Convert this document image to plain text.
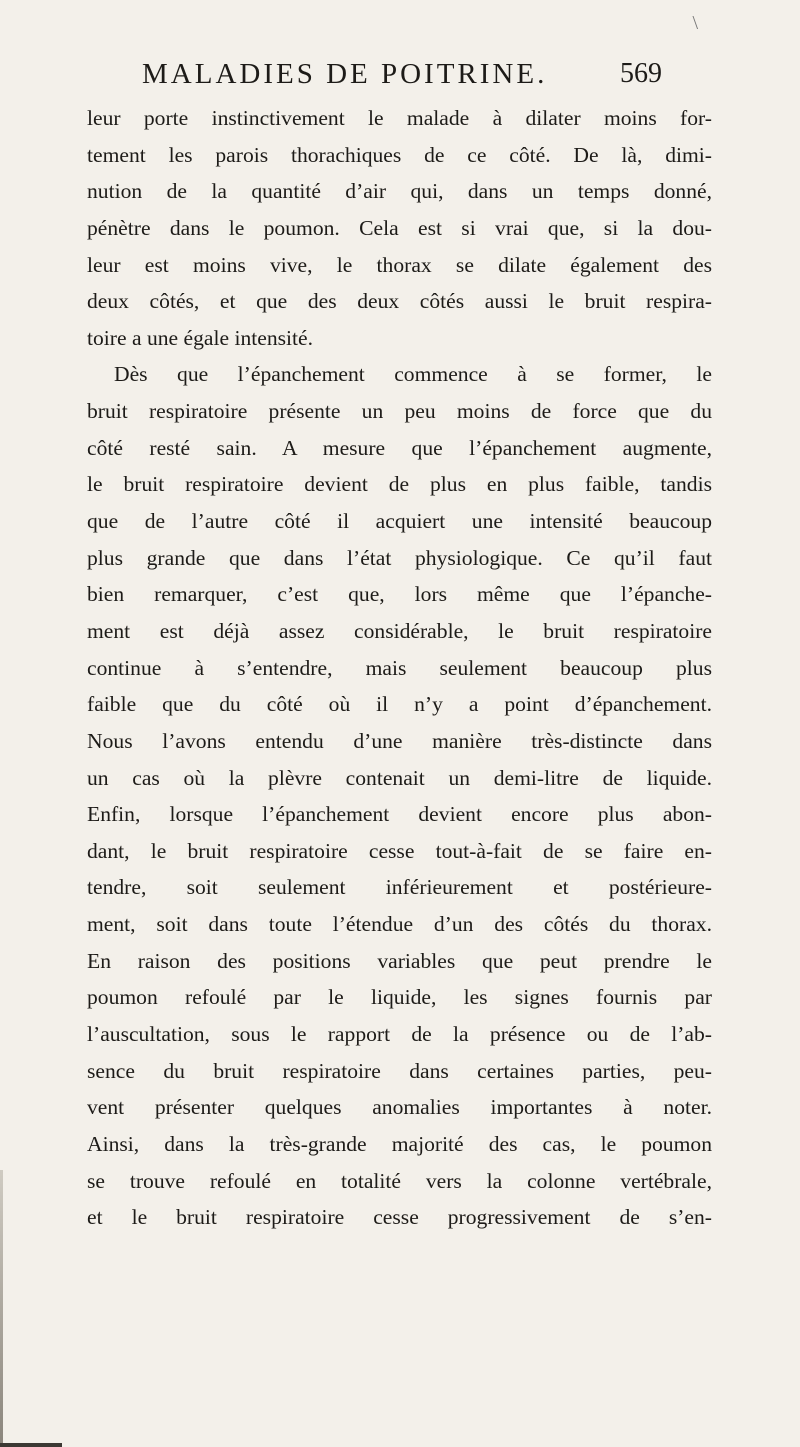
\
MALADIES DE POITRINE.	569
leur porte instinctivement le malade à dilater moins for-
tement les parois thorachiques de ce côté. De là, dimi-
nution de la quantité d’air qui, dans un temps donné,
pénètre dans le poumon. Cela est si vrai que, si la dou-
leur est moins vive, le thorax se dilate également des
deux côtés, et que des deux côtés aussi le bruit respira-
toire a une égale intensité.
Dès que l’épanchement commence à se former, le
bruit respiratoire présente un peu moins de force que du
côté resté sain. A mesure que l’épanchement augmente,
le bruit respiratoire devient de plus en plus faible, tandis
que de l’autre côté il acquiert une intensité beaucoup
plus grande que dans l’état physiologique. Ce qu’il faut
bien remarquer, c’est que, lors même que l’épanche-
ment est déjà assez considérable, le bruit respiratoire
continue à s’entendre, mais seulement beaucoup plus
faible que du côté où il n’y a point d’épanchement.
Nous l’avons entendu d’une manière très-distincte dans
un cas où la plèvre contenait un demi-litre de liquide.
Enfin, lorsque l’épanchement devient encore plus abon-
dant, le bruit respiratoire cesse tout-à-fait de se faire en-
tendre, soit seulement inférieurement et postérieure-
ment, soit dans toute l’étendue d’un des côtés du thorax.
En raison des positions variables que peut prendre le
poumon refoulé par le liquide, les signes fournis par
l’auscultation, sous le rapport de la présence ou de l’ab-
sence du bruit respiratoire dans certaines parties, peu-
vent présenter quelques anomalies importantes à noter.
Ainsi, dans la très-grande majorité des cas, le poumon
se trouve refoulé en totalité vers la colonne vertébrale,
et le bruit respiratoire cesse progressivement de s’en-
